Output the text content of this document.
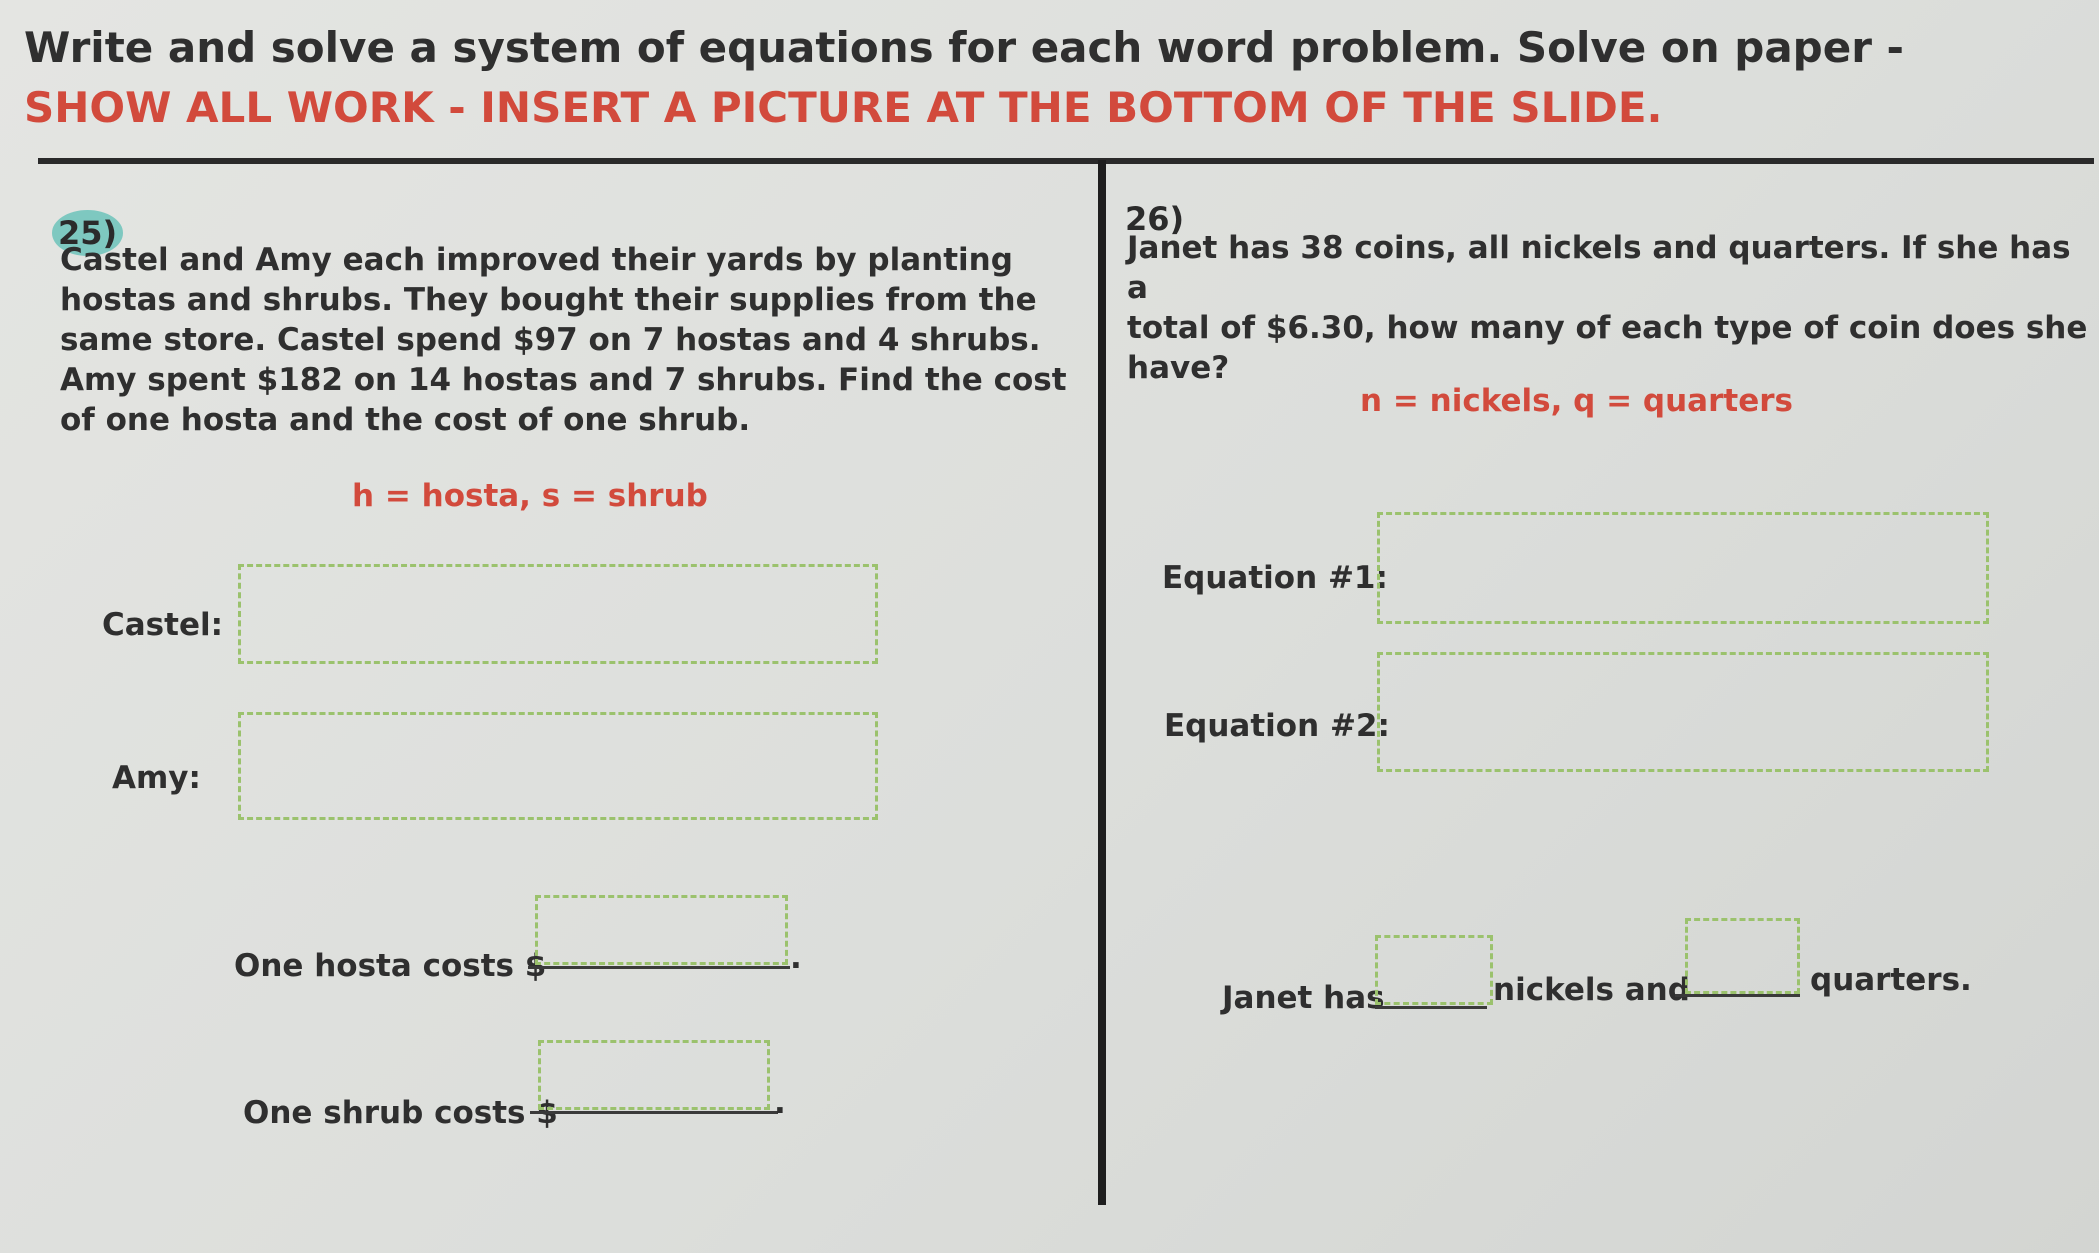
Write and solve a system of equations for each word problem. Solve on paper - SHOW ALL WORK - INSERT A PICTURE AT THE BOTTOM OF THE SLIDE.
25)
Castel and Amy each improved their yards by planting
hostas and shrubs. They bought their supplies from the
same store. Castel spend $97 on 7 hostas and 4 shrubs.
Amy spent $182 on 14 hostas and 7 shrubs. Find the cost
of one hosta and the cost of one shrub.
h = hosta, s = shrub
Castel:
Amy:
One hosta costs $	.
One shrub costs $	.
26)
Janet has 38 coins, all nickels and quarters. If she has a
total of $6.30, how many of each type of coin does she
have?
n = nickels, q = quarters
Equation #1:
Equation #2:
Janet has	nickels and	quarters.
